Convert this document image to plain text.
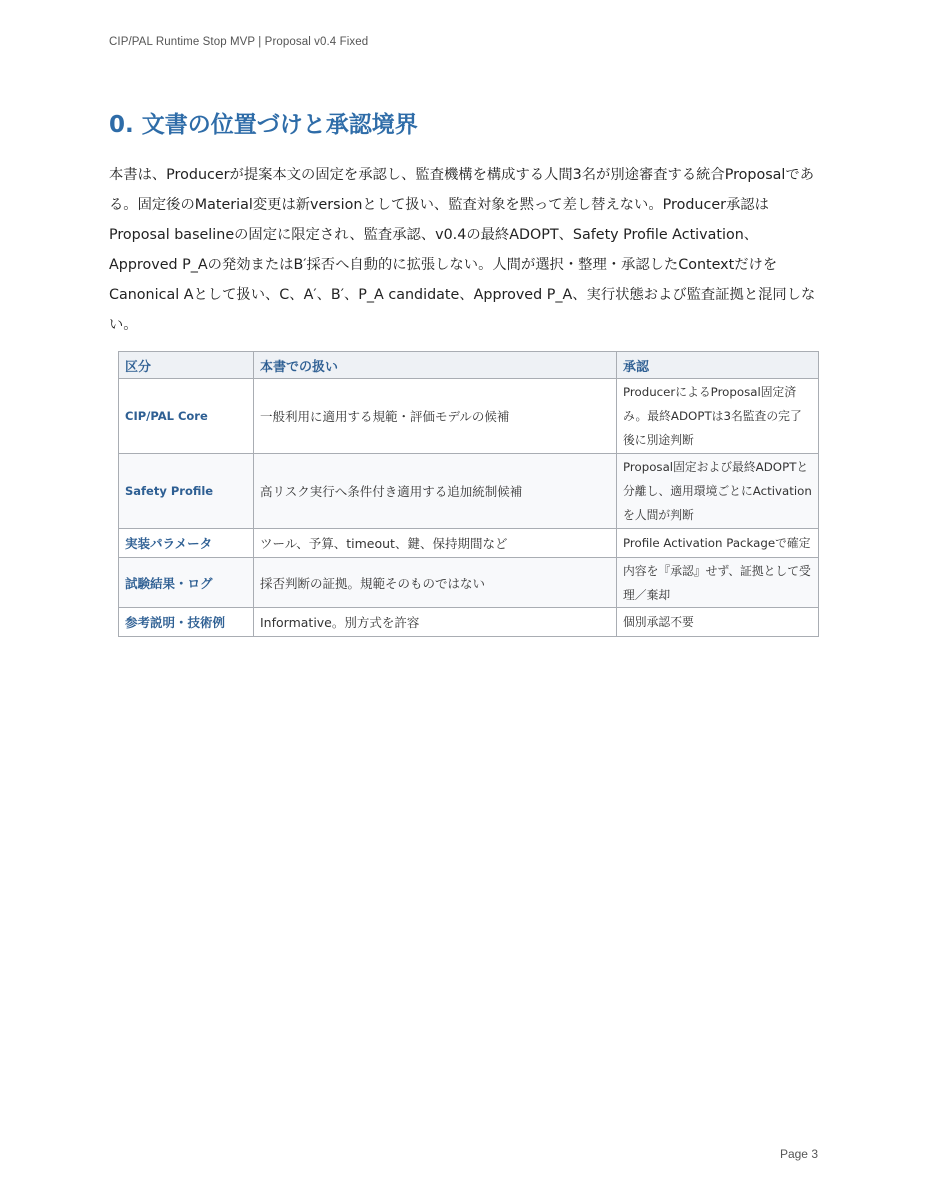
CIP/PAL Runtime Stop MVP | Proposal v0.4 Fixed
0. 文書の位置づけと承認境界

本書は、Producerが提案本文の固定を承認し、監査機構を構成する人間3名が別途審査する統合Proposalである。固定後のMaterial変更は新versionとして扱い、監査対象を黙って差し替えない。Producer承認はProposal baselineの固定に限定され、監査承認、v0.4の最終ADOPT、Safety Profile Activation、Approved P_Aの発効またはB′採否へ自動的に拡張しない。人間が選択・整理・承認したContextだけをCanonical Aとして扱い、C、A′、B′、P_A candidate、Approved P_A、実行状態および監査証拠と混同しない。

区分	本書での扱い	承認
CIP/PAL Core	一般利用に適用する規範・評価モデルの候補	ProducerによるProposal固定済み。最終ADOPTは3名監査の完了後に別途判断
Safety Profile	高リスク実行へ条件付き適用する追加統制候補	Proposal固定および最終ADOPTと分離し、適用環境ごとにActivationを人間が判断
実装パラメータ	ツール、予算、timeout、鍵、保持期間など	Profile Activation Packageで確定
試験結果・ログ	採否判断の証拠。規範そのものではない	内容を『承認』せず、証拠として受理／棄却
参考説明・技術例	Informative。別方式を許容	個別承認不要
Page 3
